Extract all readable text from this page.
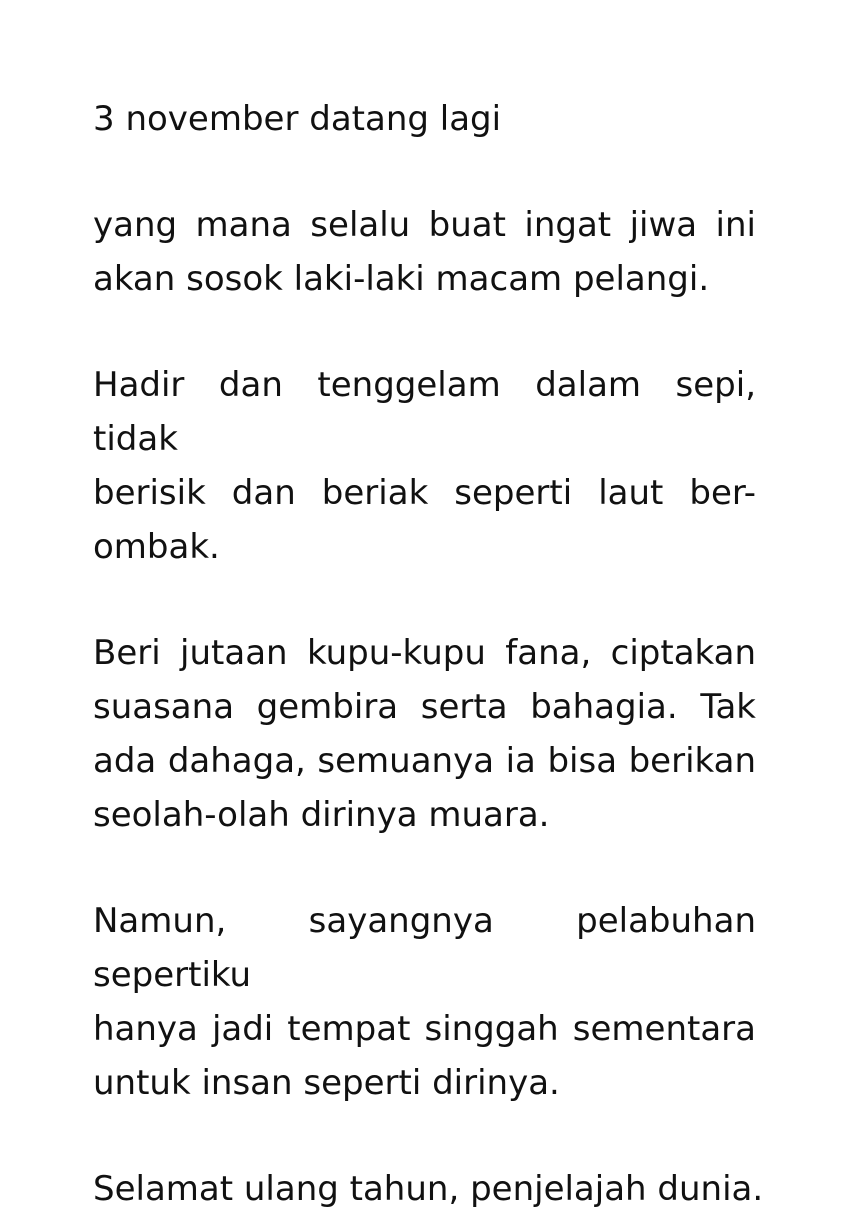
3 november datang lagi

yang mana selalu buat ingat jiwa ini
akan sosok laki-laki macam pelangi.

Hadir dan tenggelam dalam sepi, tidak
berisik dan beriak seperti laut ber-
ombak.

Beri jutaan kupu-kupu fana, ciptakan
suasana gembira serta bahagia. Tak
ada dahaga, semuanya ia bisa berikan
seolah-olah dirinya muara.

Namun, sayangnya pelabuhan sepertiku
hanya jadi tempat singgah sementara
untuk insan seperti dirinya.

Selamat ulang tahun, penjelajah dunia.
